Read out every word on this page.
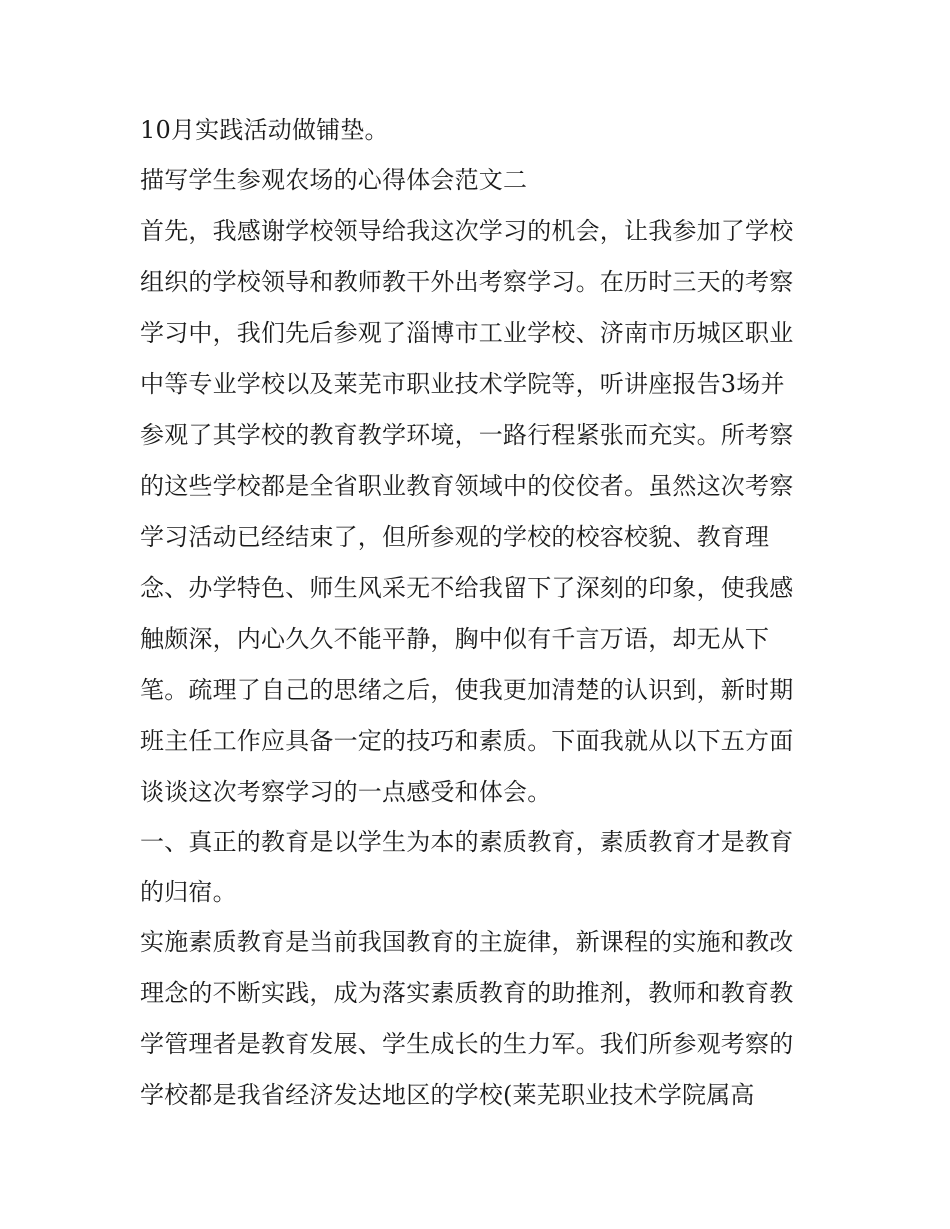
10月实践活动做铺垫。
描写学生参观农场的心得体会范文二
首先，我感谢学校领导给我这次学习的机会，让我参加了学校
组织的学校领导和教师教干外出考察学习。在历时三天的考察
学习中，我们先后参观了淄博市工业学校、济南市历城区职业
中等专业学校以及莱芜市职业技术学院等，听讲座报告3场并
参观了其学校的教育教学环境，一路行程紧张而充实。所考察
的这些学校都是全省职业教育领域中的佼佼者。虽然这次考察
学习活动已经结束了，但所参观的学校的校容校貌、教育理
念、办学特色、师生风采无不给我留下了深刻的印象，使我感
触颇深，内心久久不能平静，胸中似有千言万语，却无从下
笔。疏理了自己的思绪之后，使我更加清楚的认识到，新时期
班主任工作应具备一定的技巧和素质。下面我就从以下五方面
谈谈这次考察学习的一点感受和体会。
一、真正的教育是以学生为本的素质教育，素质教育才是教育
的归宿。
实施素质教育是当前我国教育的主旋律，新课程的实施和教改
理念的不断实践，成为落实素质教育的助推剂，教师和教育教
学管理者是教育发展、学生成长的生力军。我们所参观考察的
学校都是我省经济发达地区的学校(莱芜职业技术学院属高
